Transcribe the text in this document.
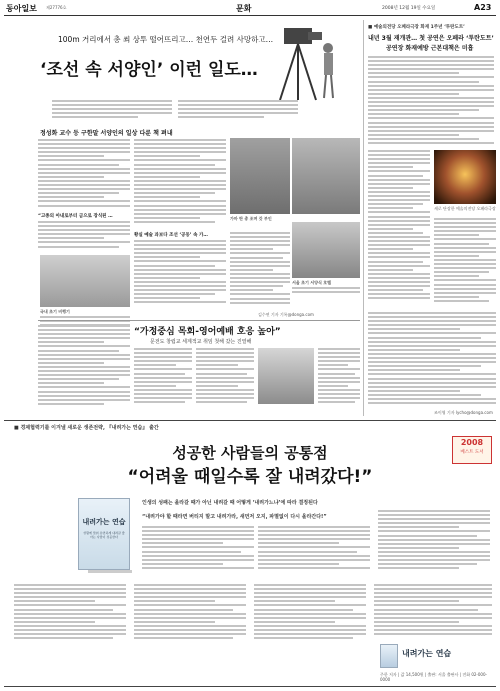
동아일보 제27776호	문화	2008년 12월 19일 수요일	A23
100m 거리에서 총 쐬 상투 떨어뜨리고… 천연두 걸려 사망하고…
‘조선 속 서양인’ 이런 일도…
정성화 교수 등 구한말 서양인의 일상 다룬 책 펴내
“고종의 아내로부터 금으로 장식된 …	가마 탄 총 조며 갓 부인
황실 예술 과보다 조선 ‘공동’ 속 가…
국내 초기 비행기
서울 초기 서양식 호텔
김수연 기자 기록@donga.com
“가정중심 목회-영어예배 호응 높아”
문전도 창립교 세계적교 취임 첫해 갔는 진열해
■ 예술의전당 오페라극장 화재 1주년 ‘투란도트’
내년 3월 재개관… 첫 공연은 오페라 ‘투란도트’
공연장 화재예방 근본대책은 미흡
새로 단장한 예술의전당 오페라극장
조이영 기자 lycho@donga.com
■ 경제협력기를 이겨낼 새로운 생존전략, 『내려가는 연습』 출간
성공한 사람들의 공통점
“어려울 때일수록 잘 내려갔다!”
2008
베스트 도서
내려가는 연습
상황에 맞춰 유연하게 내려갈 줄 아는 사람이 성공한다
인생의 성패는 올라갈 때가 아닌 내려갈 때 어떻게 ‘내려가느냐’에 따라 결정된다
“내려가야 할 때라면 버티지 말고 내려가라, 새먼저 오지, 파멸없이 다시 올라간다!”
내려가는 연습
주한 저자 | 값 14,500원 | 출판: 서울 출판사 | 전화 02-000-0000
